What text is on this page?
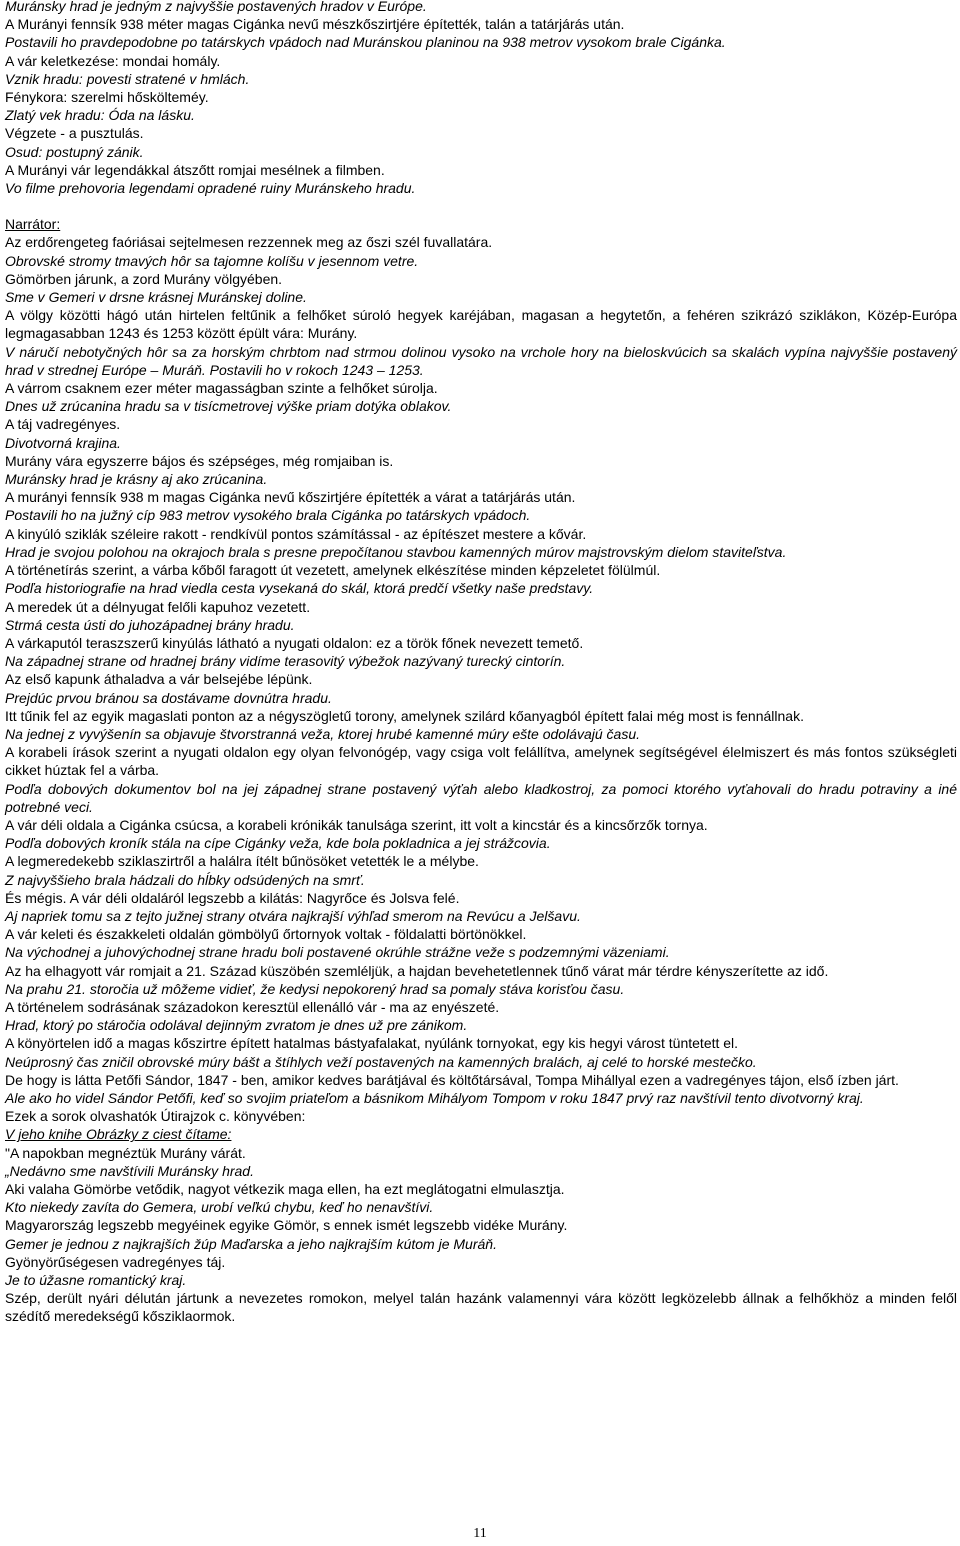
Muránsky hrad je jedným z najvyššie postavených hradov v Európe.

A Murányi fennsík 938 méter magas Cigánka nevű mészkőszirtjére építették, talán a tatárjárás után.

Postavili ho pravdepodobne po tatárskych vpádoch nad Muránskou planinou na 938 metrov vysokom brale Cigánka.

A vár keletkezése: mondai homály.

Vznik hradu: povesti stratené v hmlách.

Fénykora: szerelmi hőskölteméy.

Zlatý vek hradu: Óda na lásku.

Végzete - a pusztulás.

Osud: postupný zánik.

A Murányi vár legendákkal átszőtt romjai mesélnek a filmben.

Vo filme prehovoria legendami opradené ruiny Muránskeho hradu.

Narrátor:

Az erdőrengeteg faóriásai sejtelmesen rezzennek meg az őszi szél fuvallatára.

Obrovské stromy tmavých hôr sa tajomne kolíšu v jesennom vetre.

Gömörben járunk, a zord Murány völgyében.

Sme v Gemeri v drsne krásnej Muránskej doline.

A völgy közötti hágó után hirtelen feltűnik a felhőket súroló hegyek karéjában, magasan a hegytetőn, a fehéren szikrázó sziklákon, Közép-Európa legmagasabban 1243 és 1253 között épült vára: Murány.

V náručí nebotyčných hôr sa za horským chrbtom nad strmou dolinou vysoko na vrchole hory na bieloskvúcich sa skalách vypína najvyššie postavený hrad v strednej Európe – Muráň. Postavili ho v rokoch 1243 – 1253.

A várrom csaknem ezer méter magasságban szinte a felhőket súrolja.

Dnes už zrúcanina hradu sa v tisícmetrovej výške priam dotýka oblakov.

A táj vadregényes.

Divotvorná krajina.

Murány vára egyszerre bájos és szépséges, még romjaiban is.

Muránsky hrad je krásny aj ako zrúcanina.

A murányi fennsík 938 m magas Cigánka nevű kőszirtjére építették a várat a tatárjárás után.

Postavili ho na južný cíp 983 metrov vysokého brala Cigánka po tatárskych vpádoch.

A kinyúló sziklák széleire rakott - rendkívül pontos számítással - az építészet mestere a kővár.

Hrad je svojou polohou na okrajoch brala s presne prepočítanou stavbou kamenných múrov majstrovským dielom staviteľstva.

A történetírás szerint, a várba kőből faragott út vezetett, amelynek elkészítése minden képzeletet fölülmúl.

Podľa historiografie na hrad viedla cesta vysekaná do skál, ktorá predčí všetky naše predstavy.

A meredek út a délnyugat felőli kapuhoz vezetett.

Strmá cesta ústi do juhozápadnej brány hradu.

A várkaputól teraszszerű kinyúlás látható a nyugati oldalon: ez a török főnek nevezett temető.

Na západnej strane od hradnej brány vidíme terasovitý výbežok nazývaný turecký cintorín.

Az első kapunk áthaladva a vár belsejébe lépünk.

Prejdúc prvou bránou sa dostávame dovnútra hradu.

Itt tűnik fel az egyik magaslati ponton az a négyszögletű torony, amelynek szilárd kőanyagból épített falai még most is fennállnak.

Na jednej z vyvýšenín sa objavuje štvorstranná veža, ktorej hrubé kamenné múry ešte odolávajú času.

A korabeli írások szerint a nyugati oldalon egy olyan felvonógép, vagy csiga volt felállítva, amelynek segítségével élelmiszert és más fontos szükségleti cikket húztak fel a várba.

Podľa dobových dokumentov bol na jej západnej strane postavený výťah alebo kladkostroj, za pomoci ktorého vyťahovali do hradu potraviny a iné potrebné veci.

A vár déli oldala a Cigánka csúcsa, a korabeli krónikák tanulsága szerint, itt volt a kincstár és a kincsőrzők tornya.

Podľa dobových kroník stála na cípe Cigánky veža, kde bola pokladnica a jej strážcovia.

A legmeredekebb sziklaszirtről a halálra ítélt bűnösöket vetették le a mélybe.

Z najvyššieho brala hádzali do hĺbky odsúdených na smrť.

És mégis. A vár déli oldaláról legszebb a kilátás: Nagyrőce és Jolsva felé.

Aj napriek tomu sa z tejto južnej strany otvára najkrajší výhľad smerom na Revúcu a Jelšavu.

A vár keleti és északkeleti oldalán gömbölyű őrtornyok voltak - földalatti börtönökkel.

Na východnej a juhovýchodnej strane hradu boli postavené okrúhle strážne veže s podzemnými väzeniami.

Az ha elhagyott vár romjait a 21. Század küszöbén szemléljük, a hajdan bevehetetlennek tűnő várat már térdre kényszerítette az idő.

Na prahu 21. storočia už môžeme vidieť, že kedysi nepokorený hrad sa pomaly stáva korisťou času.

A történelem sodrásának századokon keresztül ellenálló vár - ma az enyészeté.

Hrad, ktorý po stáročia odolával dejinným zvratom je dnes už pre zánikom.

A könyörtelen idő a magas kőszirtre épített hatalmas bástyafalakat, nyúlánk tornyokat, egy kis hegyi várost tüntetett el.

Neúprosný čas zničil obrovské múry bášt a štíhlych veží postavených na kamenných bralách, aj celé to horské mestečko.

De hogy is látta Petőfi Sándor, 1847 - ben, amikor kedves barátjával és költőtársával, Tompa Mihállyal ezen a vadregényes tájon, első ízben járt.

Ale ako ho videl Sándor Petőfi, keď so svojim priateľom a básnikom Mihályom Tompom v roku 1847 prvý raz navštívil tento divotvorný kraj.

Ezek a sorok olvashatók Útirajzok c. könyvében:

V jeho knihe Obrázky z ciest čítame:

"A napokban megnéztük Murány várát.

„Nedávno sme navštívili Muránsky hrad.

Aki valaha Gömörbe vetődik, nagyot vétkezik maga ellen, ha ezt meglátogatni elmulasztja.

Kto niekedy zavíta do Gemera, urobí veľkú chybu, keď ho nenavštívi.

Magyarország legszebb megyéinek egyike Gömör, s ennek ismét legszebb vidéke Murány.

Gemer je jednou z najkrajších žúp Maďarska a jeho najkrajším kútom je Muráň.

Gyönyörűségesen vadregényes táj.

Je to úžasne romantický kraj.

Szép, derült nyári délután jártunk a nevezetes romokon, melyel talán hazánk valamennyi vára között legközelebb állnak a felhőkhöz a minden felől szédítő meredekségű kősziklaormok.

11
